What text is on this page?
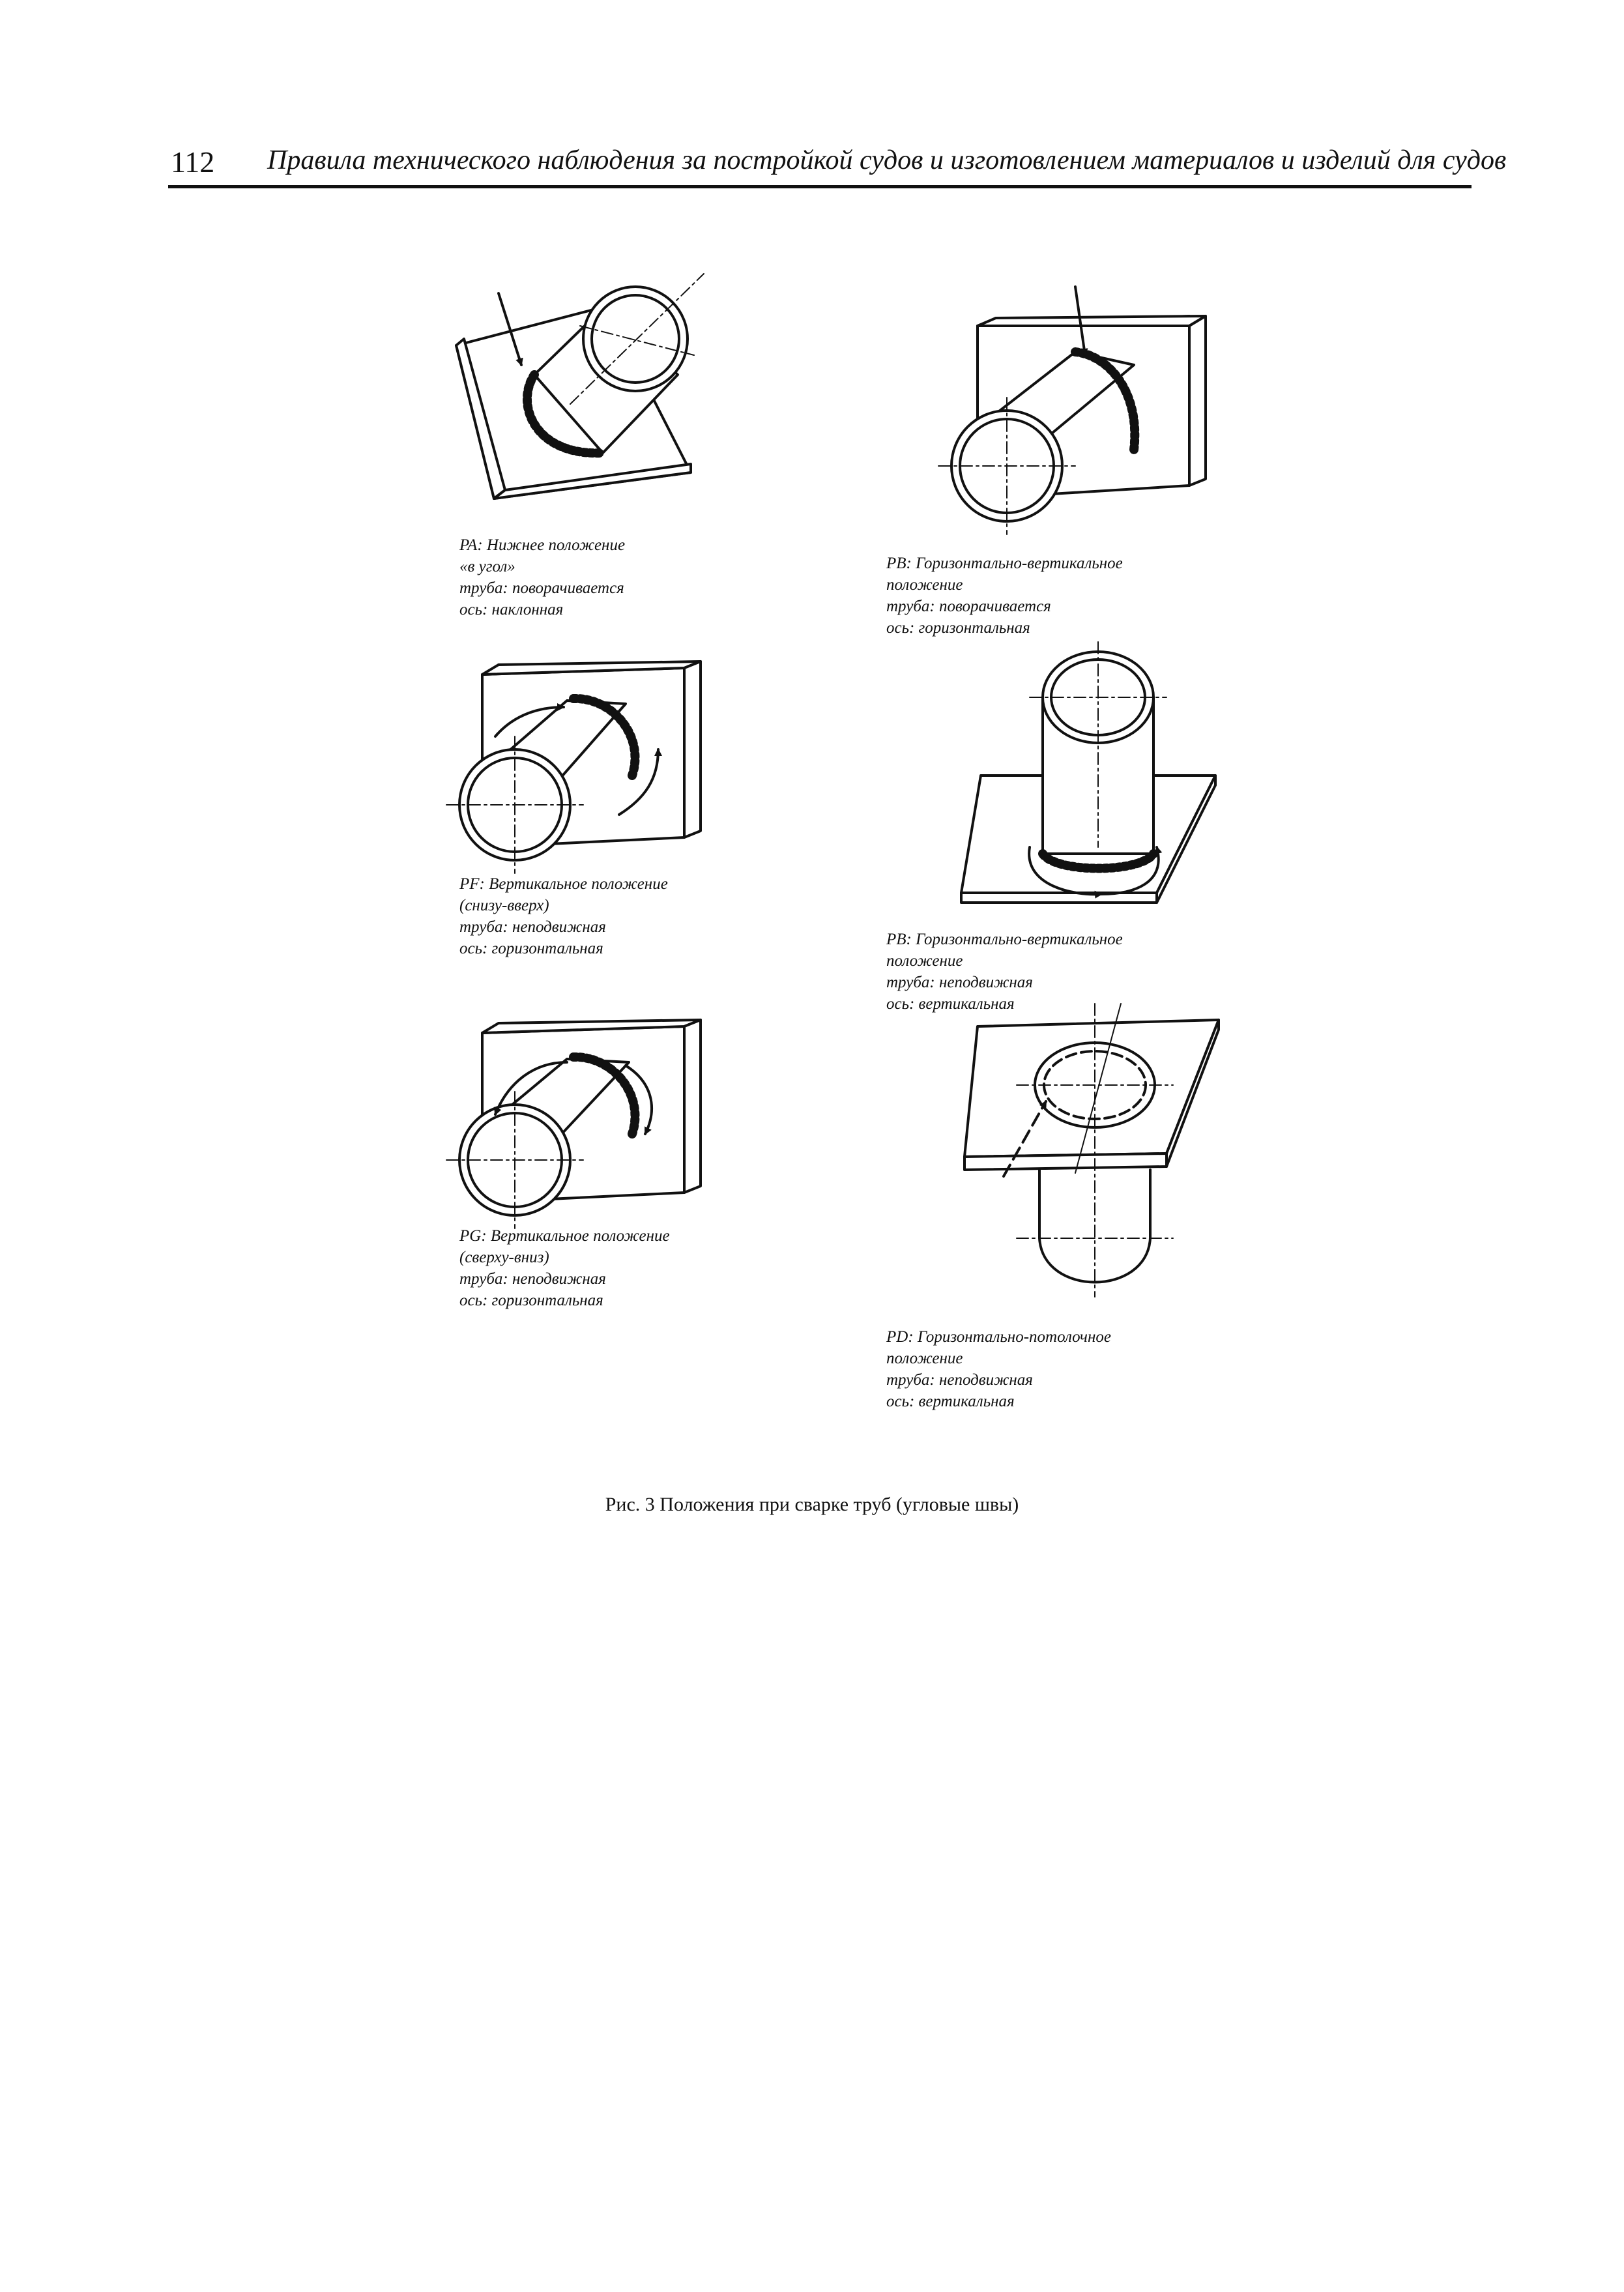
112 Правила технического наблюдения за постройкой судов и изготовлением материалов и изделий для судов
PA: Нижнее положение
«в угол»
труба: поворачивается
ось: наклонная
PB: Горизонтально-вертикальное
положение
труба: поворачивается
ось: горизонтальная
PF: Вертикальное положение
(снизу-вверх)
труба: неподвижная
ось: горизонтальная
PB: Горизонтально-вертикальное
положение
труба: неподвижная
ось: вертикальная
PG: Вертикальное положение
(сверху-вниз)
труба: неподвижная
ось: горизонтальная
PD: Горизонтально-потолочное
положение
труба: неподвижная
ось: вертикальная
Рис. 3 Положения при сварке труб (угловые швы)
